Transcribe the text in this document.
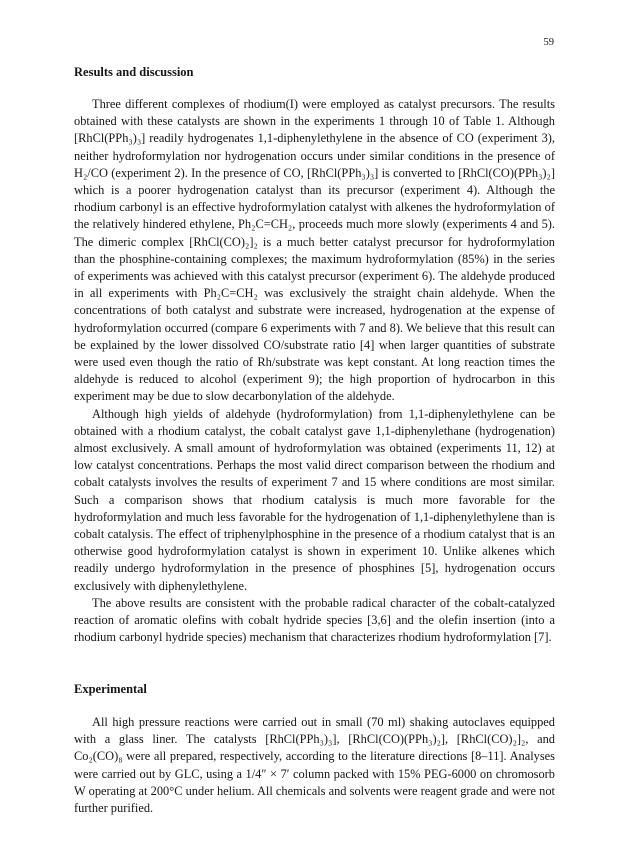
59
Results and discussion

Three different complexes of rhodium(I) were employed as catalyst precursors. The results obtained with these catalysts are shown in the experiments 1 through 10 of Table 1. Although [RhCl(PPh₃)₃] readily hydrogenates 1,1-diphenylethylene in the absence of CO (experiment 3), neither hydroformylation nor hydrogenation occurs under similar conditions in the presence of H₂/CO (experiment 2). In the presence of CO, [RhCl(PPh₃)₃] is converted to [RhCl(CO)(PPh₃)₂] which is a poorer hydrogenation catalyst than its precursor (experiment 4). Although the rhodium carbonyl is an effective hydroformylation catalyst with alkenes the hydroformylation of the relatively hindered ethylene, Ph₂C=CH₂, proceeds much more slowly (experiments 4 and 5). The dimeric complex [RhCl(CO)₂]₂ is a much better catalyst precursor for hydroformylation than the phosphine-containing complexes; the maximum hydroformylation (85%) in the series of experiments was achieved with this catalyst precursor (experiment 6). The aldehyde produced in all experiments with Ph₂C=CH₂ was exclusively the straight chain aldehyde. When the concentrations of both catalyst and substrate were increased, hydrogenation at the expense of hydroformylation occurred (compare 6 experiments with 7 and 8). We believe that this result can be explained by the lower dissolved CO/substrate ratio [4] when larger quantities of substrate were used even though the ratio of Rh/substrate was kept constant. At long reaction times the aldehyde is reduced to alcohol (experiment 9); the high proportion of hydrocarbon in this experiment may be due to slow decarbonylation of the aldehyde.

Although high yields of aldehyde (hydroformylation) from 1,1-diphenylethylene can be obtained with a rhodium catalyst, the cobalt catalyst gave 1,1-diphenylethane (hydrogenation) almost exclusively. A small amount of hydroformylation was obtained (experiments 11, 12) at low catalyst concentrations. Perhaps the most valid direct comparison between the rhodium and cobalt catalysts involves the results of experiment 7 and 15 where conditions are most similar. Such a comparison shows that rhodium catalysis is much more favorable for the hydroformylation and much less favorable for the hydrogenation of 1,1-diphenylethylene than is cobalt catalysis. The effect of triphenylphosphine in the presence of a rhodium catalyst that is an otherwise good hydroformylation catalyst is shown in experiment 10. Unlike alkenes which readily undergo hydroformylation in the presence of phosphines [5], hydrogenation occurs exclusively with diphenylethylene.

The above results are consistent with the probable radical character of the cobalt-catalyzed reaction of aromatic olefins with cobalt hydride species [3,6] and the olefin insertion (into a rhodium carbonyl hydride species) mechanism that characterizes rhodium hydroformylation [7].

Experimental

All high pressure reactions were carried out in small (70 ml) shaking autoclaves equipped with a glass liner. The catalysts [RhCl(PPh₃)₃], [RhCl(CO)(PPh₃)₂], [RhCl(CO)₂]₂, and Co₂(CO)₈ were all prepared, respectively, according to the literature directions [8–11]. Analyses were carried out by GLC, using a 1/4″ × 7′ column packed with 15% PEG-6000 on chromosorb W operating at 200°C under helium. All chemicals and solvents were reagent grade and were not further purified.
